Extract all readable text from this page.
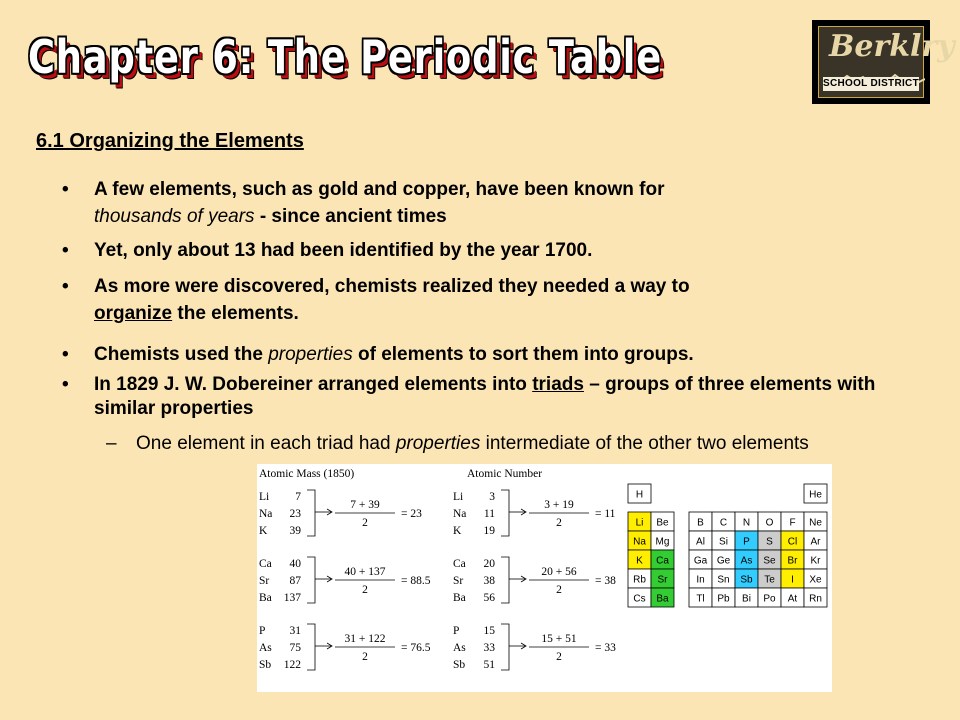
Chapter 6: The Periodic Table	Berklry
SCHOOL DISTRICT
6.1 Organizing the Elements
• A few elements, such as gold and copper, have been known for
thousands of years - since ancient times
• Yet, only about 13 had been identified by the year 1700.
• As more were discovered, chemists realized they needed a way to
organize the elements.
• Chemists used the properties of elements to sort them into groups.
• In 1829 J. W. Dobereiner arranged elements into triads – groups of three elements with similar properties
– One element in each triad had properties intermediate of the other two elements
Atomic Mass (1850)	Atomic Number
Li 7
Na 23
K 39
7 + 39
2
= 23
Ca 40
Sr 87
Ba 137
40 + 137
2
= 88.5
P 31
As 75
Sb 122
31 + 122
2
= 76.5
Li 3
Na 11
K 19
3 + 19
2
= 11
Ca 20
Sr 38
Ba 56
20 + 56
2
= 38
P 15
As 33
Sb 51
15 + 51
2
= 33
H	He
Li Be
Na Mg
K Ca
Rb Sr
Cs Ba
B C N O F Ne
Al Si P S Cl Ar
Ga Ge As Se Br Kr
In Sn Sb Te I Xe
Tl Pb Bi Po At Rn
